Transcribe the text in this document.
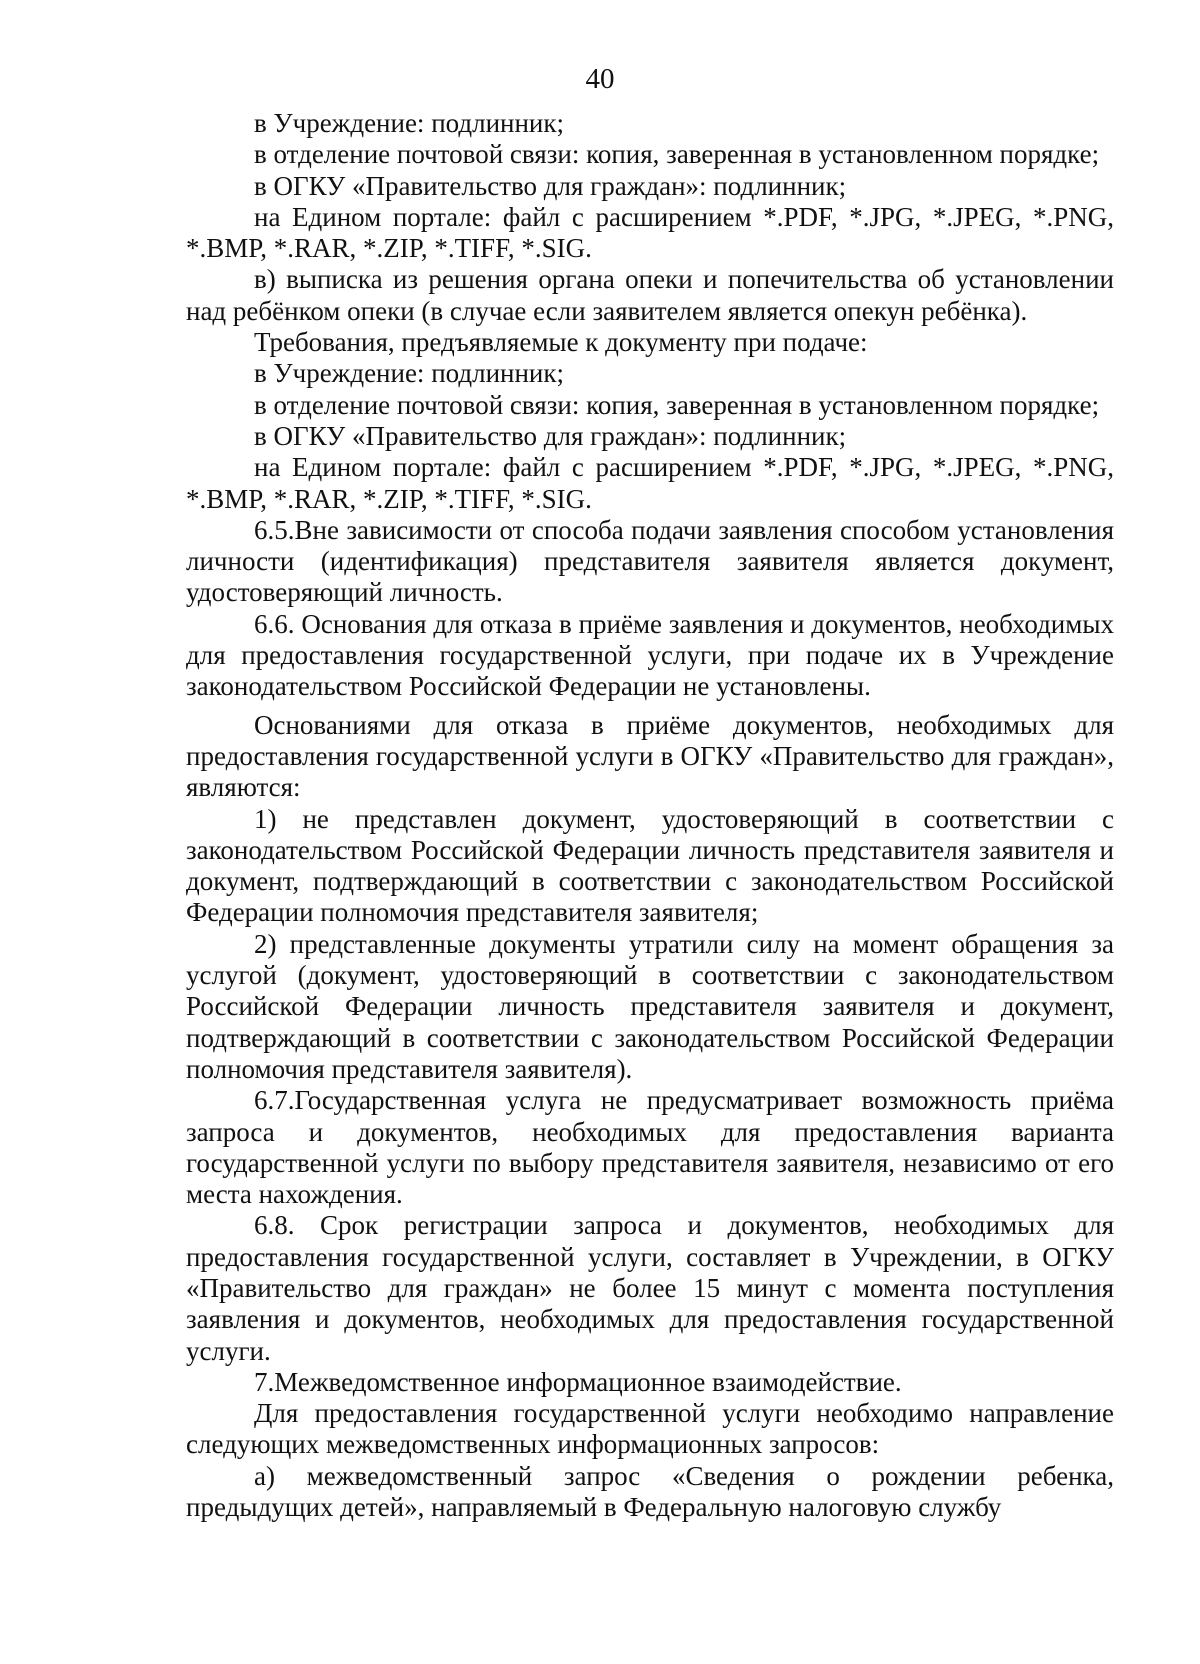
40

в Учреждение: подлинник;

в отделение почтовой связи: копия, заверенная в установленном порядке;

в ОГКУ «Правительство для граждан»: подлинник;

на Едином портале: файл с расширением *.PDF, *.JPG, *.JPEG, *.PNG, *.BMP, *.RAR, *.ZIP, *.TIFF, *.SIG.

в) выписка из решения органа опеки и попечительства об установлении над ребёнком опеки (в случае если заявителем является опекун ребёнка).

Требования, предъявляемые к документу при подаче:

в Учреждение: подлинник;

в отделение почтовой связи: копия, заверенная в установленном порядке;

в ОГКУ «Правительство для граждан»: подлинник;

на Едином портале: файл с расширением *.PDF, *.JPG, *.JPEG, *.PNG, *.BMP, *.RAR, *.ZIP, *.TIFF, *.SIG.

6.5.Вне зависимости от способа подачи заявления способом установления личности (идентификация) представителя заявителя является документ, удостоверяющий личность.

6.6. Основания для отказа в приёме заявления и документов, необходимых для предоставления государственной услуги, при подаче их в Учреждение законодательством Российской Федерации не установлены.

Основаниями для отказа в приёме документов, необходимых для предоставления государственной услуги в ОГКУ «Правительство для граждан», являются:

1) не представлен документ, удостоверяющий в соответствии с законодательством Российской Федерации личность представителя заявителя и документ, подтверждающий в соответствии с законодательством Российской Федерации полномочия представителя заявителя;

2) представленные документы утратили силу на момент обращения за услугой (документ, удостоверяющий в соответствии с законодательством Российской Федерации личность представителя заявителя и документ, подтверждающий в соответствии с законодательством Российской Федерации полномочия представителя заявителя).

6.7.Государственная услуга не предусматривает возможность приёма запроса и документов, необходимых для предоставления варианта государственной услуги по выбору представителя заявителя, независимо от его места нахождения.

6.8. Срок регистрации запроса и документов, необходимых для предоставления государственной услуги, составляет в Учреждении, в ОГКУ «Правительство для граждан» не более 15 минут с момента поступления заявления и документов, необходимых для предоставления государственной услуги.

7.Межведомственное информационное взаимодействие.

Для предоставления государственной услуги необходимо направление следующих межведомственных информационных запросов:

а) межведомственный запрос «Сведения о рождении ребенка, предыдущих детей», направляемый в Федеральную налоговую службу
